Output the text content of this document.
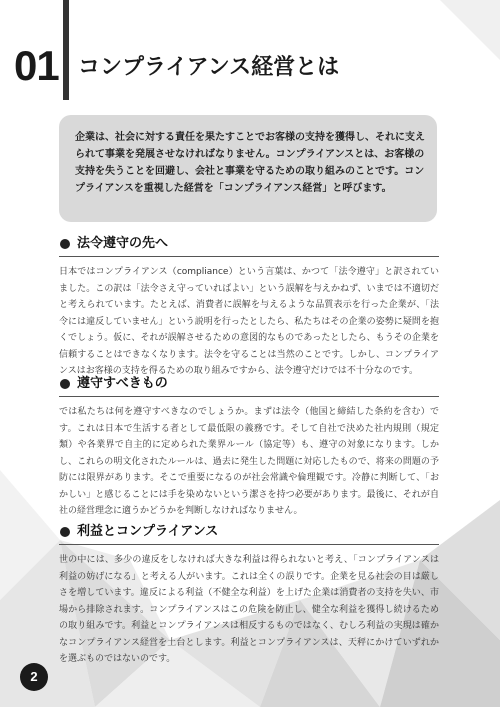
01 コンプライアンス経営とは

企業は、社会に対する責任を果たすことでお客様の支持を獲得し、それに支えられて事業を発展させなければなりません。コンプライアンスとは、お客様の支持を失うことを回避し、会社と事業を守るための取り組みのことです。コンプライアンスを重視した経営を「コンプライアンス経営」と呼びます。

法令遵守の先へ

日本ではコンプライアンス（compliance）という言葉は、かつて「法令遵守」と訳されていました。この訳は「法令さえ守っていればよい」という誤解を与えかねず、いまでは不適切だと考えられています。たとえば、消費者に誤解を与えるような品質表示を行った企業が、「法令には違反していません」という説明を行ったとしたら、私たちはその企業の姿勢に疑問を抱くでしょう。仮に、それが誤解させるための意図的なものであったとしたら、もうその企業を信頼することはできなくなります。法令を守ることは当然のことです。しかし、コンプライアンスはお客様の支持を得るための取り組みですから、法令遵守だけでは不十分なのです。

遵守すべきもの

では私たちは何を遵守すべきなのでしょうか。まずは法令（他国と締結した条約を含む）です。これは日本で生活する者として最低限の義務です。そして自社で決めた社内規則（規定類）や各業界で自主的に定められた業界ルール（協定等）も、遵守の対象になります。しかし、これらの明文化されたルールは、過去に発生した問題に対応したもので、将来の問題の予防には限界があります。そこで重要になるのが社会常識や倫理観です。冷静に判断して、「おかしい」と感じることには手を染めないという潔さを持つ必要があります。最後に、それが自社の経営理念に適うかどうかを判断しなければなりません。

利益とコンプライアンス

世の中には、多少の違反をしなければ大きな利益は得られないと考え、「コンプライアンスは利益の妨げになる」と考える人がいます。これは全くの誤りです。企業を見る社会の目は厳しさを増しています。違反による利益（不健全な利益）を上げた企業は消費者の支持を失い、市場から排除されます。コンプライアンスはこの危険を防止し、健全な利益を獲得し続けるための取り組みです。利益とコンプライアンスは相反するものではなく、むしろ利益の実現は確かなコンプライアンス経営を土台とします。利益とコンプライアンスは、天秤にかけていずれかを選ぶものではないのです。

2
